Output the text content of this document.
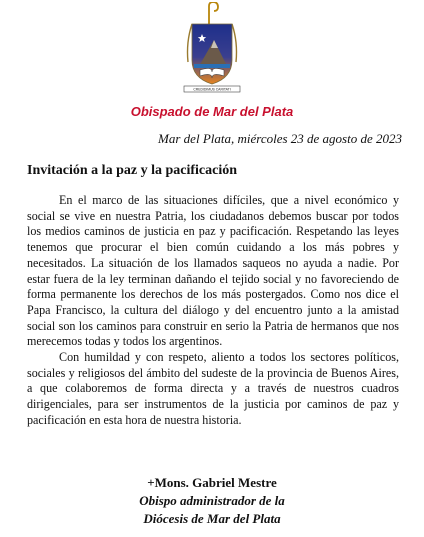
CREDIDIMUS CARITATI
Obispado de Mar del Plata
Mar del Plata, miércoles 23 de agosto de 2023
Invitación a la paz y la pacificación

En el marco de las situaciones difíciles, que a nivel económico y social se vive en nuestra Patria, los ciudadanos debemos buscar por todos los medios caminos de justicia en paz y pacificación. Respetando las leyes tenemos que procurar el bien común cuidando a los más pobres y necesitados. La situación de los llamados saqueos no ayuda a nadie. Por estar fuera de la ley terminan dañando el tejido social y no favoreciendo de forma permanente los derechos de los más postergados. Como nos dice el Papa Francisco, la cultura del diálogo y del encuentro junto a la amistad social son los caminos para construir en serio la Patria de hermanos que nos merecemos todas y todos los argentinos.

Con humildad y con respeto, aliento a todos los sectores políticos, sociales y religiosos del ámbito del sudeste de la provincia de Buenos Aires, a que colaboremos de forma directa y a través de nuestros cuadros dirigenciales, para ser instrumentos de la justicia por caminos de paz y pacificación en esta hora de nuestra historia.

+Mons. Gabriel Mestre
Obispo administrador de la
Diócesis de Mar del Plata
